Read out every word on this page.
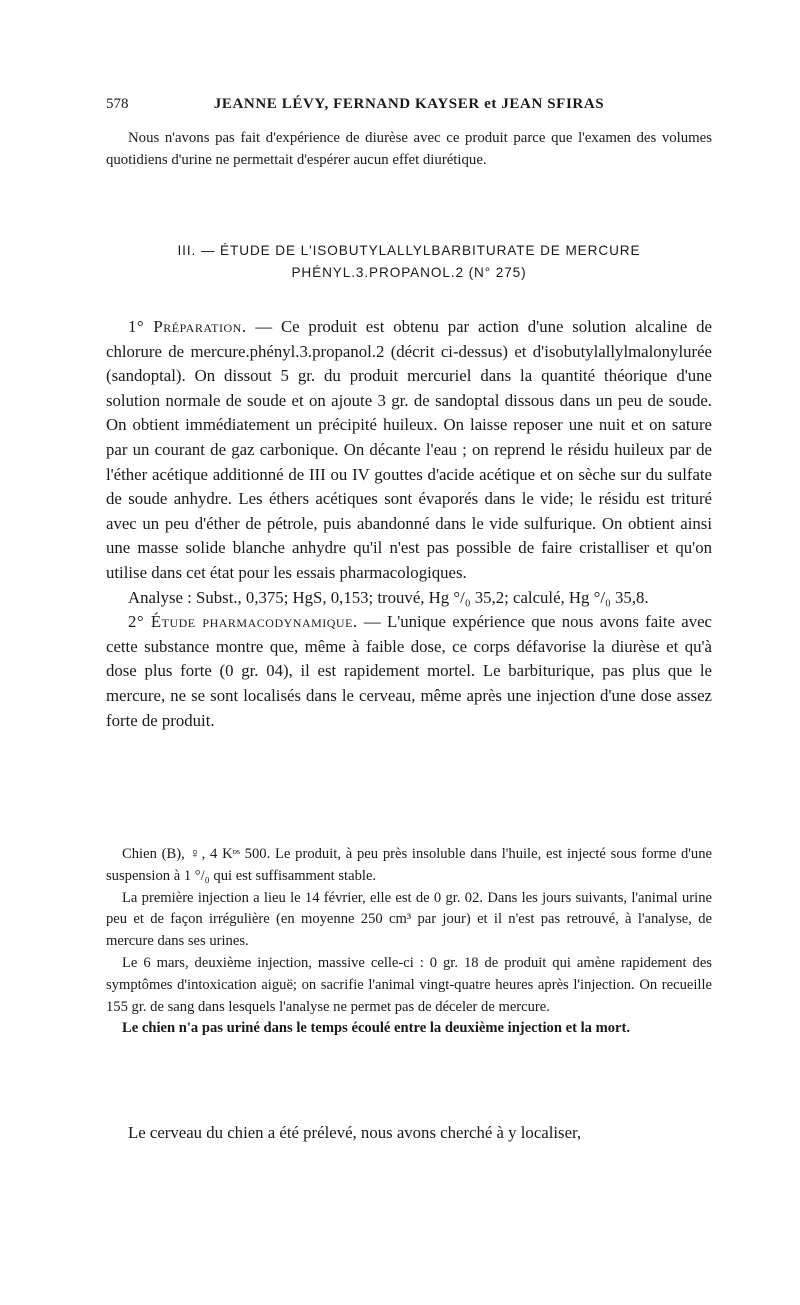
578	JEANNE LÉVY, FERNAND KAYSER et JEAN SFIRAS

Nous n'avons pas fait d'expérience de diurèse avec ce produit parce que l'examen des volumes quotidiens d'urine ne permettait d'espérer aucun effet diurétique.

III. — ÉTUDE DE L'ISOBUTYLALLYLBARBITURATE DE MERCURE
PHÉNYL.3.PROPANOL.2 (N° 275)

1° Préparation. — Ce produit est obtenu par action d'une solution alcaline de chlorure de mercure.phényl.3.propanol.2 (décrit ci-dessus) et d'isobutylallylmalonylurée (sandoptal). On dissout 5 gr. du produit mercuriel dans la quantité théorique d'une solution normale de soude et on ajoute 3 gr. de sandoptal dissous dans un peu de soude. On obtient immédiatement un précipité huileux. On laisse reposer une nuit et on sature par un courant de gaz carbonique. On décante l'eau ; on reprend le résidu huileux par de l'éther acétique additionné de III ou IV gouttes d'acide acétique et on sèche sur du sulfate de soude anhydre. Les éthers acétiques sont évaporés dans le vide; le résidu est trituré avec un peu d'éther de pétrole, puis abandonné dans le vide sulfurique. On obtient ainsi une masse solide blanche anhydre qu'il n'est pas possible de faire cristalliser et qu'on utilise dans cet état pour les essais pharmacologiques.

Analyse : Subst., 0,375; HgS, 0,153; trouvé, Hg °/₀ 35,2; calculé, Hg °/₀ 35,8.

2° Étude pharmacodynamique. — L'unique expérience que nous avons faite avec cette substance montre que, même à faible dose, ce corps défavorise la diurèse et qu'à dose plus forte (0 gr. 04), il est rapidement mortel. Le barbiturique, pas plus que le mercure, ne se sont localisés dans le cerveau, même après une injection d'une dose assez forte de produit.

Chien (B), ♀, 4 Kᵒˢ 500. Le produit, à peu près insoluble dans l'huile, est injecté sous forme d'une suspension à 1 °/₀ qui est suffisamment stable.

La première injection a lieu le 14 février, elle est de 0 gr. 02. Dans les jours suivants, l'animal urine peu et de façon irrégulière (en moyenne 250 cm³ par jour) et il n'est pas retrouvé, à l'analyse, de mercure dans ses urines.

Le 6 mars, deuxième injection, massive celle-ci : 0 gr. 18 de produit qui amène rapidement des symptômes d'intoxication aiguë; on sacrifie l'animal vingt-quatre heures après l'injection. On recueille 155 gr. de sang dans lesquels l'analyse ne permet pas de déceler de mercure.

Le chien n'a pas uriné dans le temps écoulé entre la deuxième injection et la mort.

Le cerveau du chien a été prélevé, nous avons cherché à y localiser,
